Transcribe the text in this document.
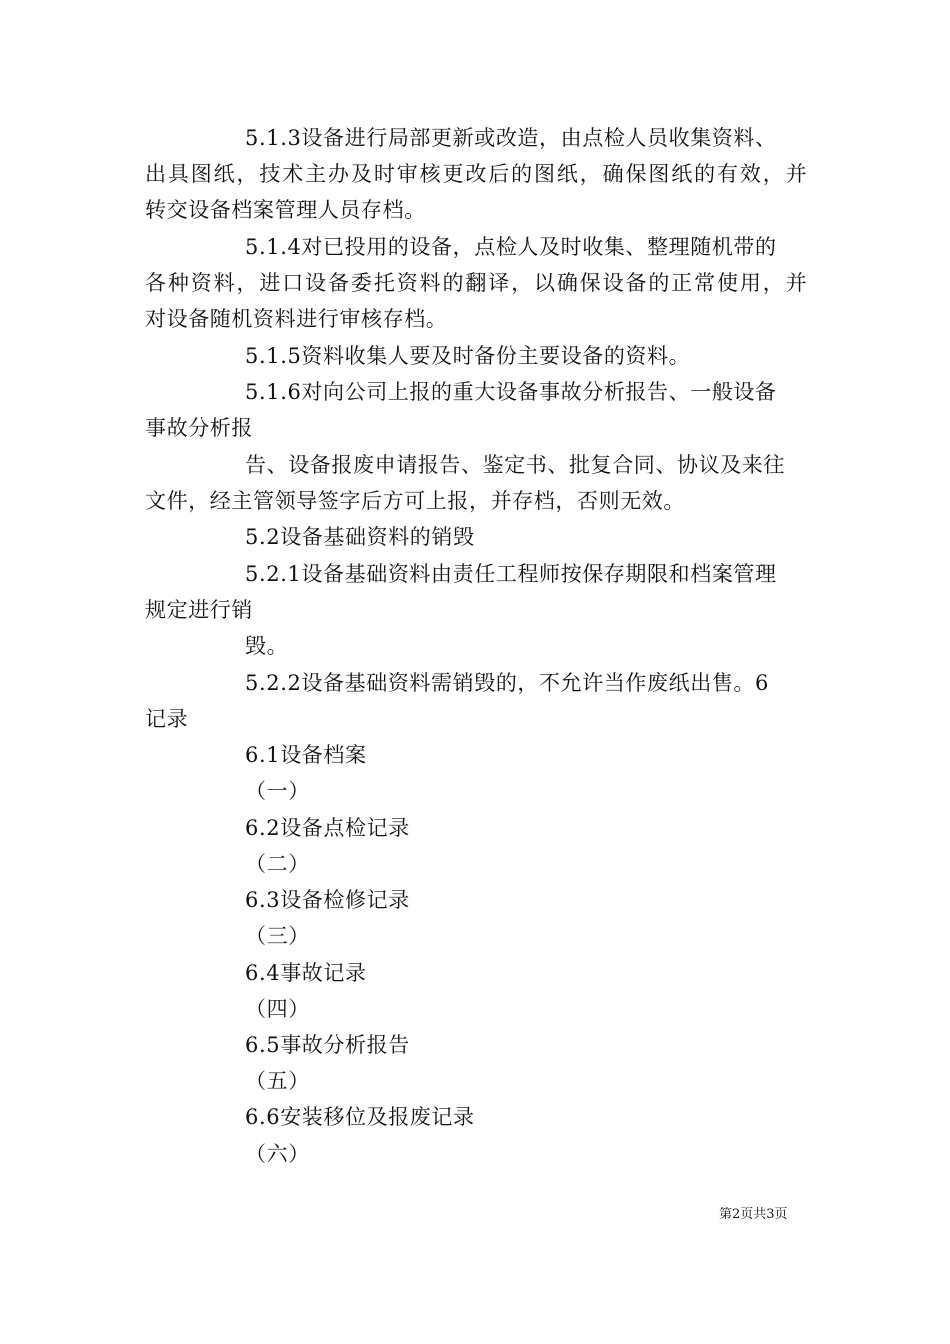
5.1.3设备进行局部更新或改造，由点检人员收集资料、
出具图纸，技术主办及时审核更改后的图纸，确保图纸的有效，并
转交设备档案管理人员存档。
5.1.4对已投用的设备，点检人及时收集、整理随机带的
各种资料，进口设备委托资料的翻译，以确保设备的正常使用，并
对设备随机资料进行审核存档。
5.1.5资料收集人要及时备份主要设备的资料。
5.1.6对向公司上报的重大设备事故分析报告、一般设备
事故分析报
告、设备报废申请报告、鉴定书、批复合同、协议及来往
文件，经主管领导签字后方可上报，并存档，否则无效。
5.2设备基础资料的销毁
5.2.1设备基础资料由责任工程师按保存期限和档案管理
规定进行销
毁。
5.2.2设备基础资料需销毁的，不允许当作废纸出售。6
记录
6.1设备档案
（一）
6.2设备点检记录
（二）
6.3设备检修记录
（三）
6.4事故记录
（四）
6.5事故分析报告
（五）
6.6安装移位及报废记录
（六）
第2页共3页
